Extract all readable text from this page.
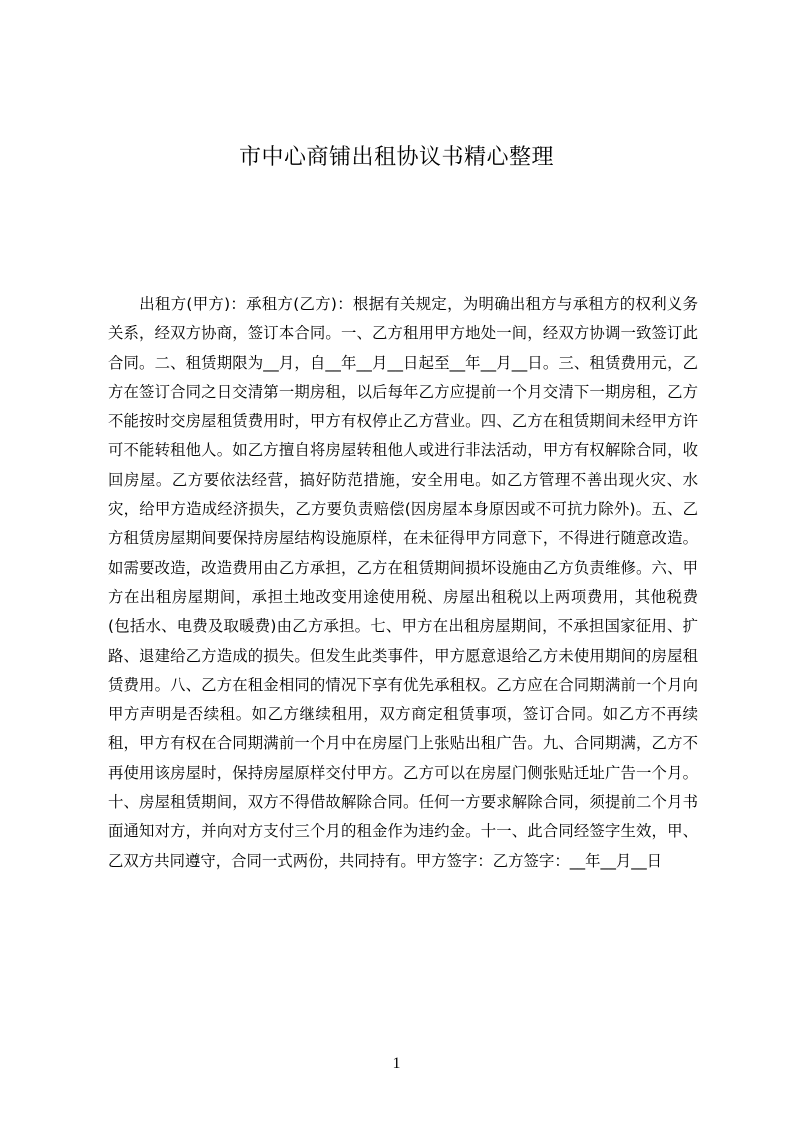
市中心商铺出租协议书精心整理

出租方(甲方)：承租方(乙方)：根据有关规定，为明确出租方与承租方的权利义务关系，经双方协商，签订本合同。一、乙方租用甲方地处一间，经双方协调一致签订此合同。二、租赁期限为__月，自__年__月__日起至__年__月__日。三、租赁费用元，乙方在签订合同之日交清第一期房租，以后每年乙方应提前一个月交清下一期房租，乙方不能按时交房屋租赁费用时，甲方有权停止乙方营业。四、乙方在租赁期间未经甲方许可不能转租他人。如乙方擅自将房屋转租他人或进行非法活动，甲方有权解除合同，收回房屋。乙方要依法经营，搞好防范措施，安全用电。如乙方管理不善出现火灾、水灾，给甲方造成经济损失，乙方要负责赔偿(因房屋本身原因或不可抗力除外)。五、乙方租赁房屋期间要保持房屋结构设施原样，在未征得甲方同意下，不得进行随意改造。如需要改造，改造费用由乙方承担，乙方在租赁期间损坏设施由乙方负责维修。六、甲方在出租房屋期间，承担土地改变用途使用税、房屋出租税以上两项费用，其他税费(包括水、电费及取暖费)由乙方承担。七、甲方在出租房屋期间，不承担国家征用、扩路、退建给乙方造成的损失。但发生此类事件，甲方愿意退给乙方未使用期间的房屋租赁费用。八、乙方在租金相同的情况下享有优先承租权。乙方应在合同期满前一个月向甲方声明是否续租。如乙方继续租用，双方商定租赁事项，签订合同。如乙方不再续租，甲方有权在合同期满前一个月中在房屋门上张贴出租广告。九、合同期满，乙方不再使用该房屋时，保持房屋原样交付甲方。乙方可以在房屋门侧张贴迁址广告一个月。十、房屋租赁期间，双方不得借故解除合同。任何一方要求解除合同，须提前二个月书面通知对方，并向对方支付三个月的租金作为违约金。十一、此合同经签字生效，甲、乙双方共同遵守，合同一式两份，共同持有。甲方签字：乙方签字：__年__月__日

1
